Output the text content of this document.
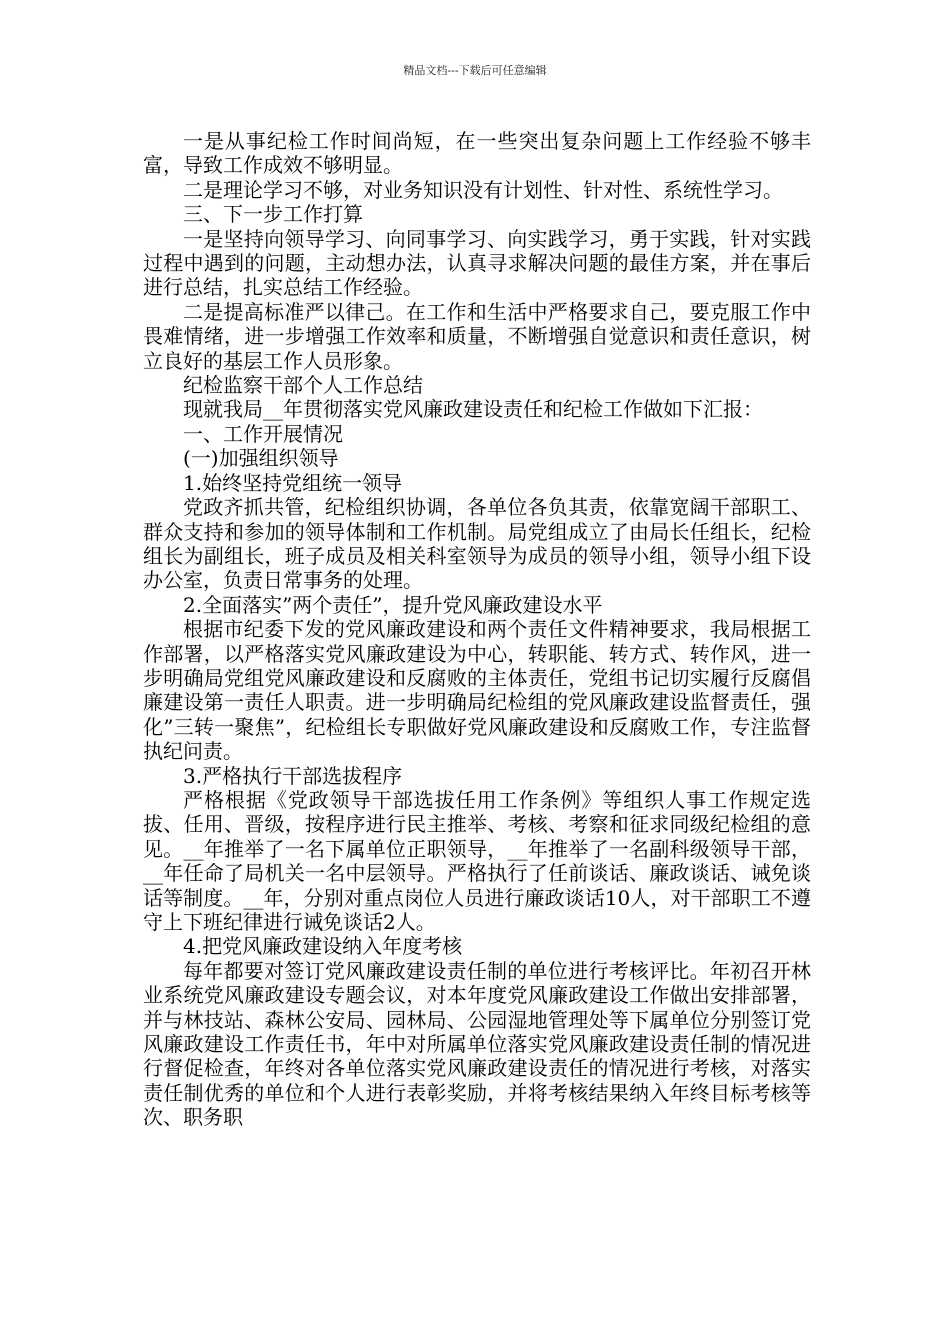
精品文档---下载后可任意编辑

一是从事纪检工作时间尚短，在一些突出复杂问题上工作经验不够丰富，导致工作成效不够明显。

二是理论学习不够，对业务知识没有计划性、针对性、系统性学习。

三、下一步工作打算

一是坚持向领导学习、向同事学习、向实践学习，勇于实践，针对实践过程中遇到的问题，主动想办法，认真寻求解决问题的最佳方案，并在事后进行总结，扎实总结工作经验。

二是提高标准严以律己。在工作和生活中严格要求自己，要克服工作中畏难情绪，进一步增强工作效率和质量，不断增强自觉意识和责任意识，树立良好的基层工作人员形象。

纪检监察干部个人工作总结

现就我局__年贯彻落实党风廉政建设责任和纪检工作做如下汇报：

一、工作开展情况

(一)加强组织领导

1.始终坚持党组统一领导

党政齐抓共管，纪检组织协调，各单位各负其责，依靠宽阔干部职工、群众支持和参加的领导体制和工作机制。局党组成立了由局长任组长，纪检组长为副组长，班子成员及相关科室领导为成员的领导小组，领导小组下设办公室，负责日常事务的处理。

2.全面落实”两个责任”，提升党风廉政建设水平

根据市纪委下发的党风廉政建设和两个责任文件精神要求，我局根据工作部署，以严格落实党风廉政建设为中心，转职能、转方式、转作风，进一步明确局党组党风廉政建设和反腐败的主体责任，党组书记切实履行反腐倡廉建设第一责任人职责。进一步明确局纪检组的党风廉政建设监督责任，强化”三转一聚焦”，纪检组长专职做好党风廉政建设和反腐败工作，专注监督执纪问责。

3.严格执行干部选拔程序

严格根据《党政领导干部选拔任用工作条例》等组织人事工作规定选拔、任用、晋级，按程序进行民主推举、考核、考察和征求同级纪检组的意见。__年推举了一名下属单位正职领导，__年推举了一名副科级领导干部，__年任命了局机关一名中层领导。严格执行了任前谈话、廉政谈话、诫免谈话等制度。__年，分别对重点岗位人员进行廉政谈话10人，对干部职工不遵守上下班纪律进行诫免谈话2人。

4.把党风廉政建设纳入年度考核

每年都要对签订党风廉政建设责任制的单位进行考核评比。年初召开林业系统党风廉政建设专题会议，对本年度党风廉政建设工作做出安排部署，并与林技站、森林公安局、园林局、公园湿地管理处等下属单位分别签订党风廉政建设工作责任书，年中对所属单位落实党风廉政建设责任制的情况进行督促检查，年终对各单位落实党风廉政建设责任的情况进行考核，对落实责任制优秀的单位和个人进行表彰奖励，并将考核结果纳入年终目标考核等次、职务职
